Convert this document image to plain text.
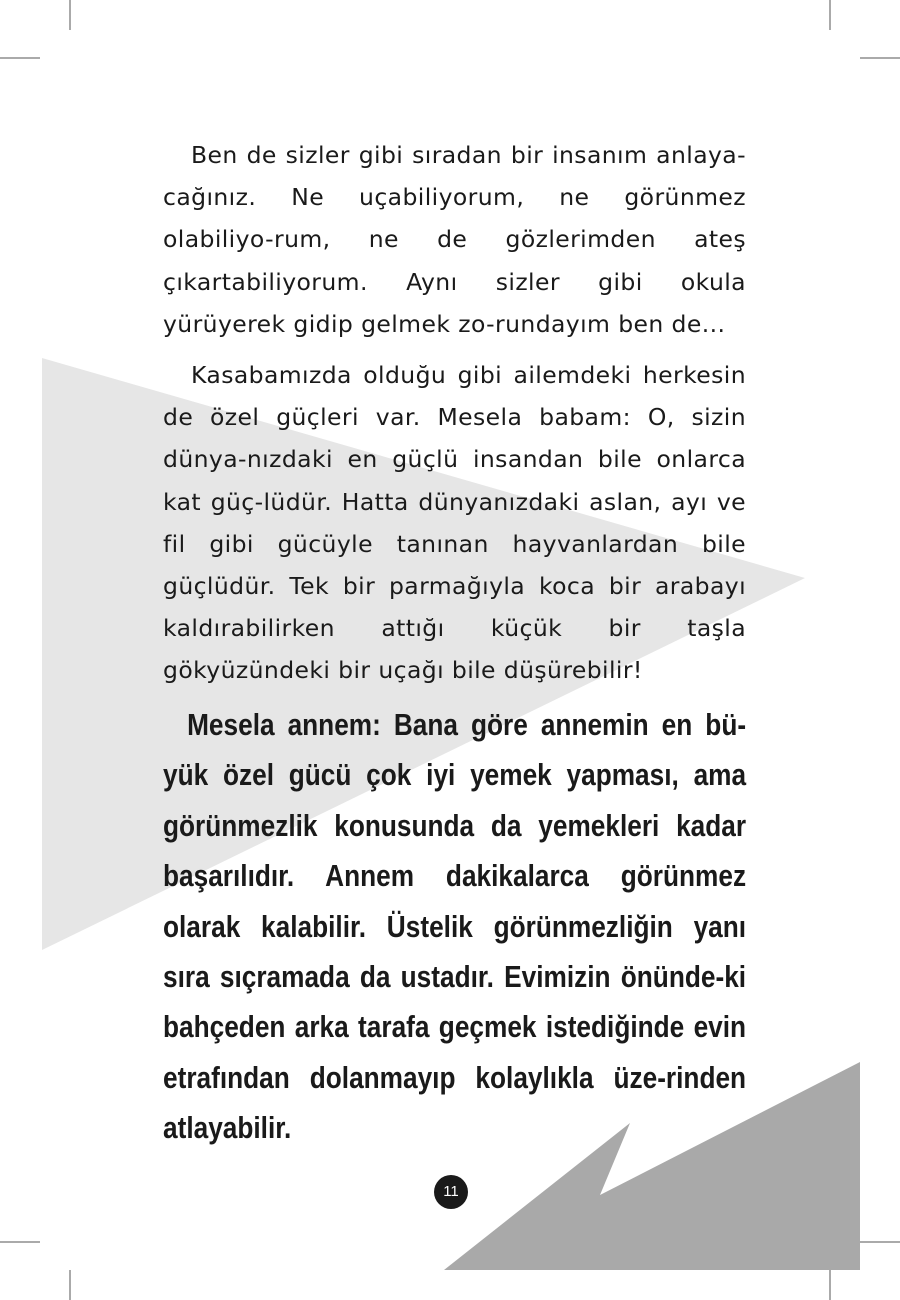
Ben de sizler gibi sıradan bir insanım anlaya-cağınız. Ne uçabiliyorum, ne görünmez olabiliyo-rum, ne de gözlerimden ateş çıkartabiliyorum. Aynı sizler gibi okula yürüyerek gidip gelmek zo-rundayım ben de...

Kasabamızda olduğu gibi ailemdeki herkesin de özel güçleri var. Mesela babam: O, sizin dünya-nızdaki en güçlü insandan bile onlarca kat güç-lüdür. Hatta dünyanızdaki aslan, ayı ve fil gibi gücüyle tanınan hayvanlardan bile güçlüdür. Tek bir parmağıyla koca bir arabayı kaldırabilirken attığı küçük bir taşla gökyüzündeki bir uçağı bile düşürebilir!

Mesela annem: Bana göre annemin en bü-yük özel gücü çok iyi yemek yapması, ama görünmezlik konusunda da yemekleri kadar başarılıdır. Annem dakikalarca görünmez olarak kalabilir. Üstelik görünmezliğin yanı sıra sıçramada da ustadır. Evimizin önünde-ki bahçeden arka tarafa geçmek istediğinde evin etrafından dolanmayıp kolaylıkla üze-rinden atlayabilir.

11
